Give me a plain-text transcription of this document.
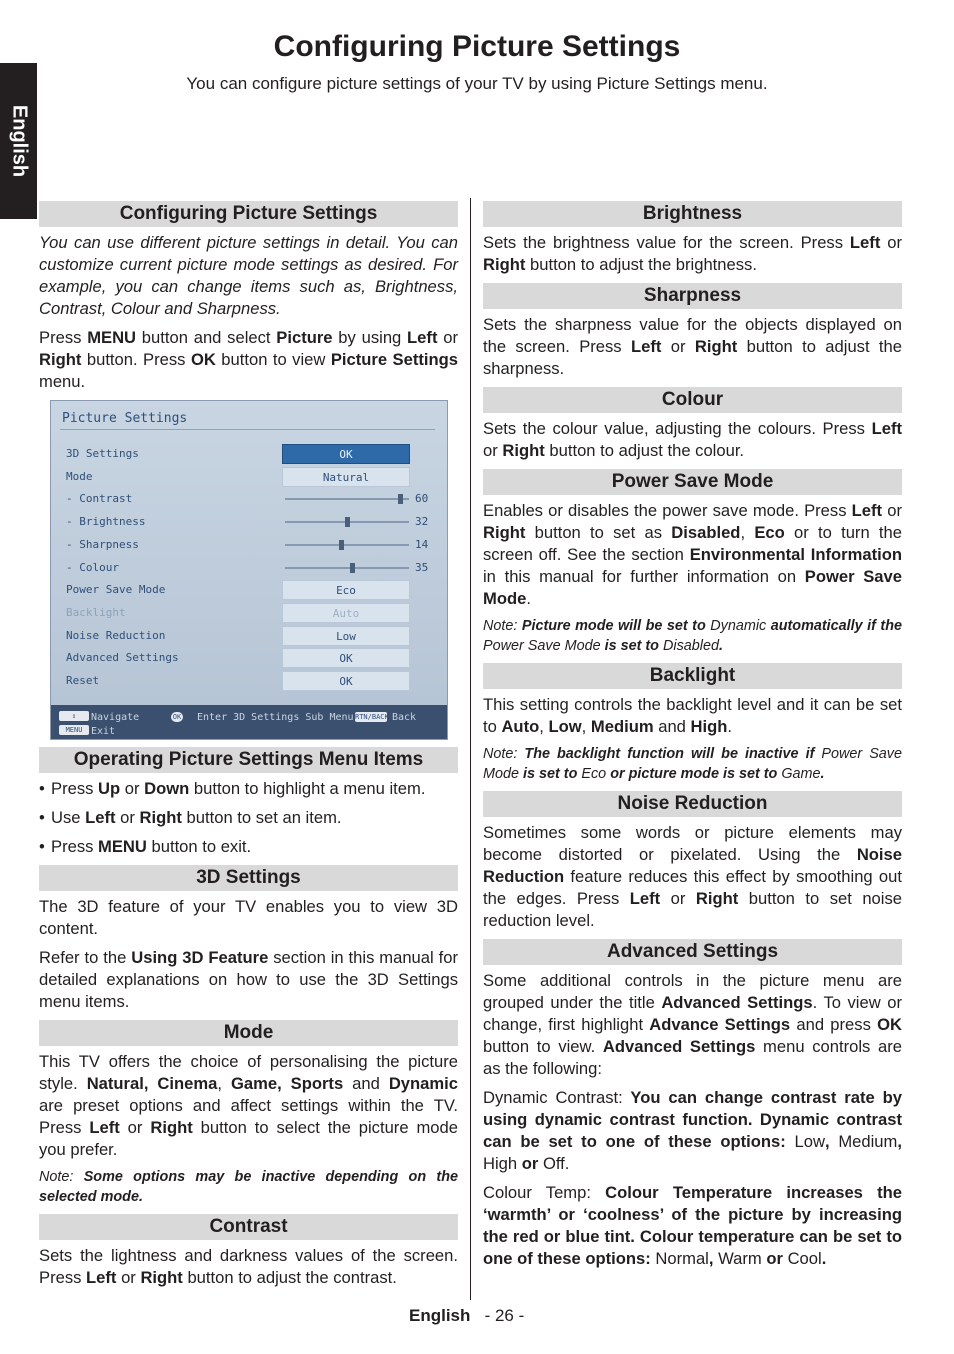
English
Configuring Picture Settings
You can configure picture settings of your TV by using Picture Settings menu.
Configuring Picture Settings

You can use different picture settings in detail. You can customize current picture mode settings as desired. For example, you can change items such as, Brightness, Contrast, Colour and Sharpness.

Press MENU button and select Picture by using Left or Right button. Press OK button to view Picture Settings menu.

Picture Settings
3D Settings	OK
Mode	Natural
- Contrast	60
- Brightness	32
- Sharpness	14
- Colour	35
Power Save Mode	Eco
Backlight	Auto
Noise Reduction	Low
Advanced Settings	OK
Reset	OK
⇕	Navigate
MENU Exit
OK Enter 3D Settings Sub Menu RTN/BACK Back
Operating Picture Settings Menu Items
• Press Up or Down button to highlight a menu item.
• Use Left or Right button to set an item.
• Press MENU button to exit.
3D Settings

The 3D feature of your TV enables you to view 3D content.

Refer to the Using 3D Feature section in this manual for detailed explanations on how to use the 3D Settings menu items.

Mode

This TV offers the choice of personalising the picture style. Natural, Cinema, Game, Sports and Dynamic are preset options and affect settings within the TV. Press Left or Right button to select the picture mode you prefer.

Note: Some options may be inactive depending on the selected mode.

Contrast

Sets the lightness and darkness values of the screen. Press Left or Right button to adjust the contrast.

Brightness

Sets the brightness value for the screen. Press Left or Right button to adjust the brightness.

Sharpness

Sets the sharpness value for the objects displayed on the screen. Press Left or Right button to adjust the sharpness.

Colour

Sets the colour value, adjusting the colours. Press Left or Right button to adjust the colour.

Power Save Mode

Enables or disables the power save mode. Press Left or Right button to set as Disabled, Eco or to turn the screen off. See the section Environmental Information in this manual for further information on Power Save Mode.

Note: Picture mode will be set to Dynamic automatically if the Power Save Mode is set to Disabled.

Backlight

This setting controls the backlight level and it can be set to Auto, Low, Medium and High.

Note: The backlight function will be inactive if Power Save Mode is set to Eco or picture mode is set to Game.

Noise Reduction

Sometimes some words or picture elements may become distorted or pixelated. Using the Noise Reduction feature reduces this effect by smoothing out the edges. Press Left or Right button to set noise reduction level.

Advanced Settings

Some additional controls in the picture menu are grouped under the title Advanced Settings. To view or change, first highlight Advance Settings and press OK button to view. Advanced Settings menu controls are as the following:

Dynamic Contrast: You can change contrast rate by using dynamic contrast function. Dynamic contrast can be set to one of these options: Low, Medium, High or Off.

Colour Temp: Colour Temperature increases the ‘warmth’ or ‘coolness’ of the picture by increasing the red or blue tint. Colour temperature can be set to one of these options: Normal, Warm or Cool.

English - 26 -
